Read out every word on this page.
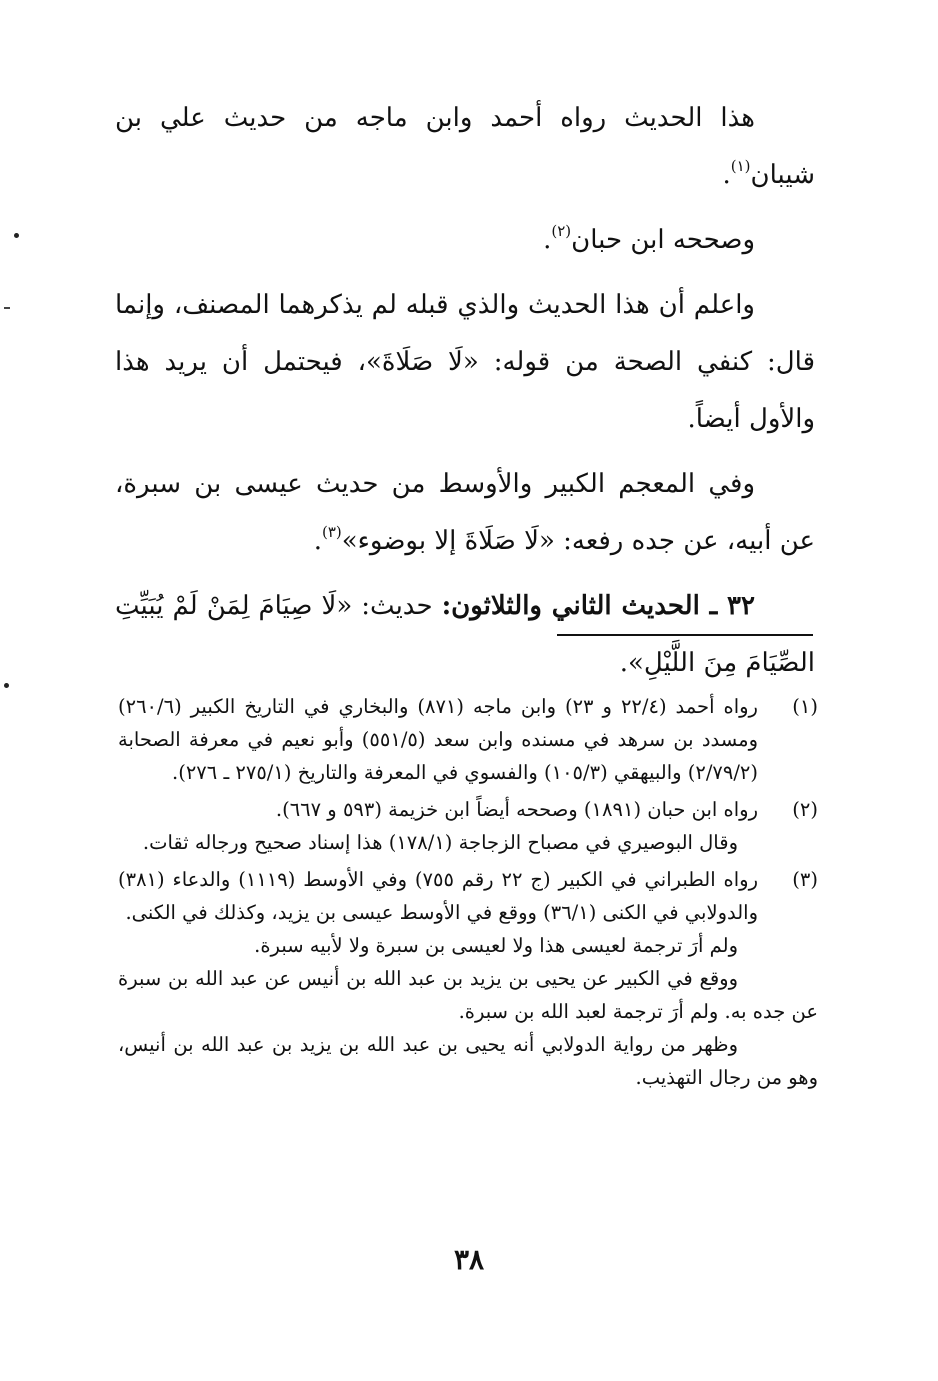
هذا الحديث رواه أحمد وابن ماجه من حديث علي بن شيبان$^{(١)}$.

وصححه ابن حبان$^{(٢)}$.

واعلم أن هذا الحديث والذي قبله لم يذكرهما المصنف، وإنما قال: كنفي الصحة من قوله: «لَا صَلَاةَ»، فيحتمل أن يريد هذا والأول أيضاً.

وفي المعجم الكبير والأوسط من حديث عيسى بن سبرة، عن أبيه، عن جده رفعه: «لَا صَلَاةَ إلا بوضوء»$^{(٣)}$.

٣٢ ـ الحديث الثاني والثلاثون: حديث: «لَا صِيَامَ لِمَنْ لَمْ يُبَيِّتِ الصِّيَامَ مِنَ اللَّيْلِ».

(١)
رواه أحمد (٢٢/٤ و ٢٣) وابن ماجه (٨٧١) والبخاري في التاريخ الكبير (٢٦٠/٦) ومسدد بن سرهد في مسنده وابن سعد (٥٥١/٥) وأبو نعيم في معرفة الصحابة (٢/٧٩/٢) والبيهقي (١٠٥/٣) والفسوي في المعرفة والتاريخ (٢٧٥/١ ـ ٢٧٦).
(٢)
رواه ابن حبان (١٨٩١) وصححه أيضاً ابن خزيمة (٥٩٣ و ٦٦٧).
وقال البوصيري في مصباح الزجاجة (١٧٨/١) هذا إسناد صحيح ورجاله ثقات.
(٣)
رواه الطبراني في الكبير (ج ٢٢ رقم ٧٥٥) وفي الأوسط (١١١٩) والدعاء (٣٨١) والدولابي في الكنى (٣٦/١) ووقع في الأوسط عيسى بن يزيد، وكذلك في الكنى.
ولم أرَ ترجمة لعيسى هذا ولا لعيسى بن سبرة ولا لأبيه سبرة.
ووقع في الكبير عن يحيى بن يزيد بن عبد الله بن أنيس عن عبد الله بن سبرة عن جده به. ولم أرَ ترجمة لعبد الله بن سبرة.
وظهر من رواية الدولابي أنه يحيى بن عبد الله بن يزيد بن عبد الله بن أنيس، وهو من رجال التهذيب.
٣٨
